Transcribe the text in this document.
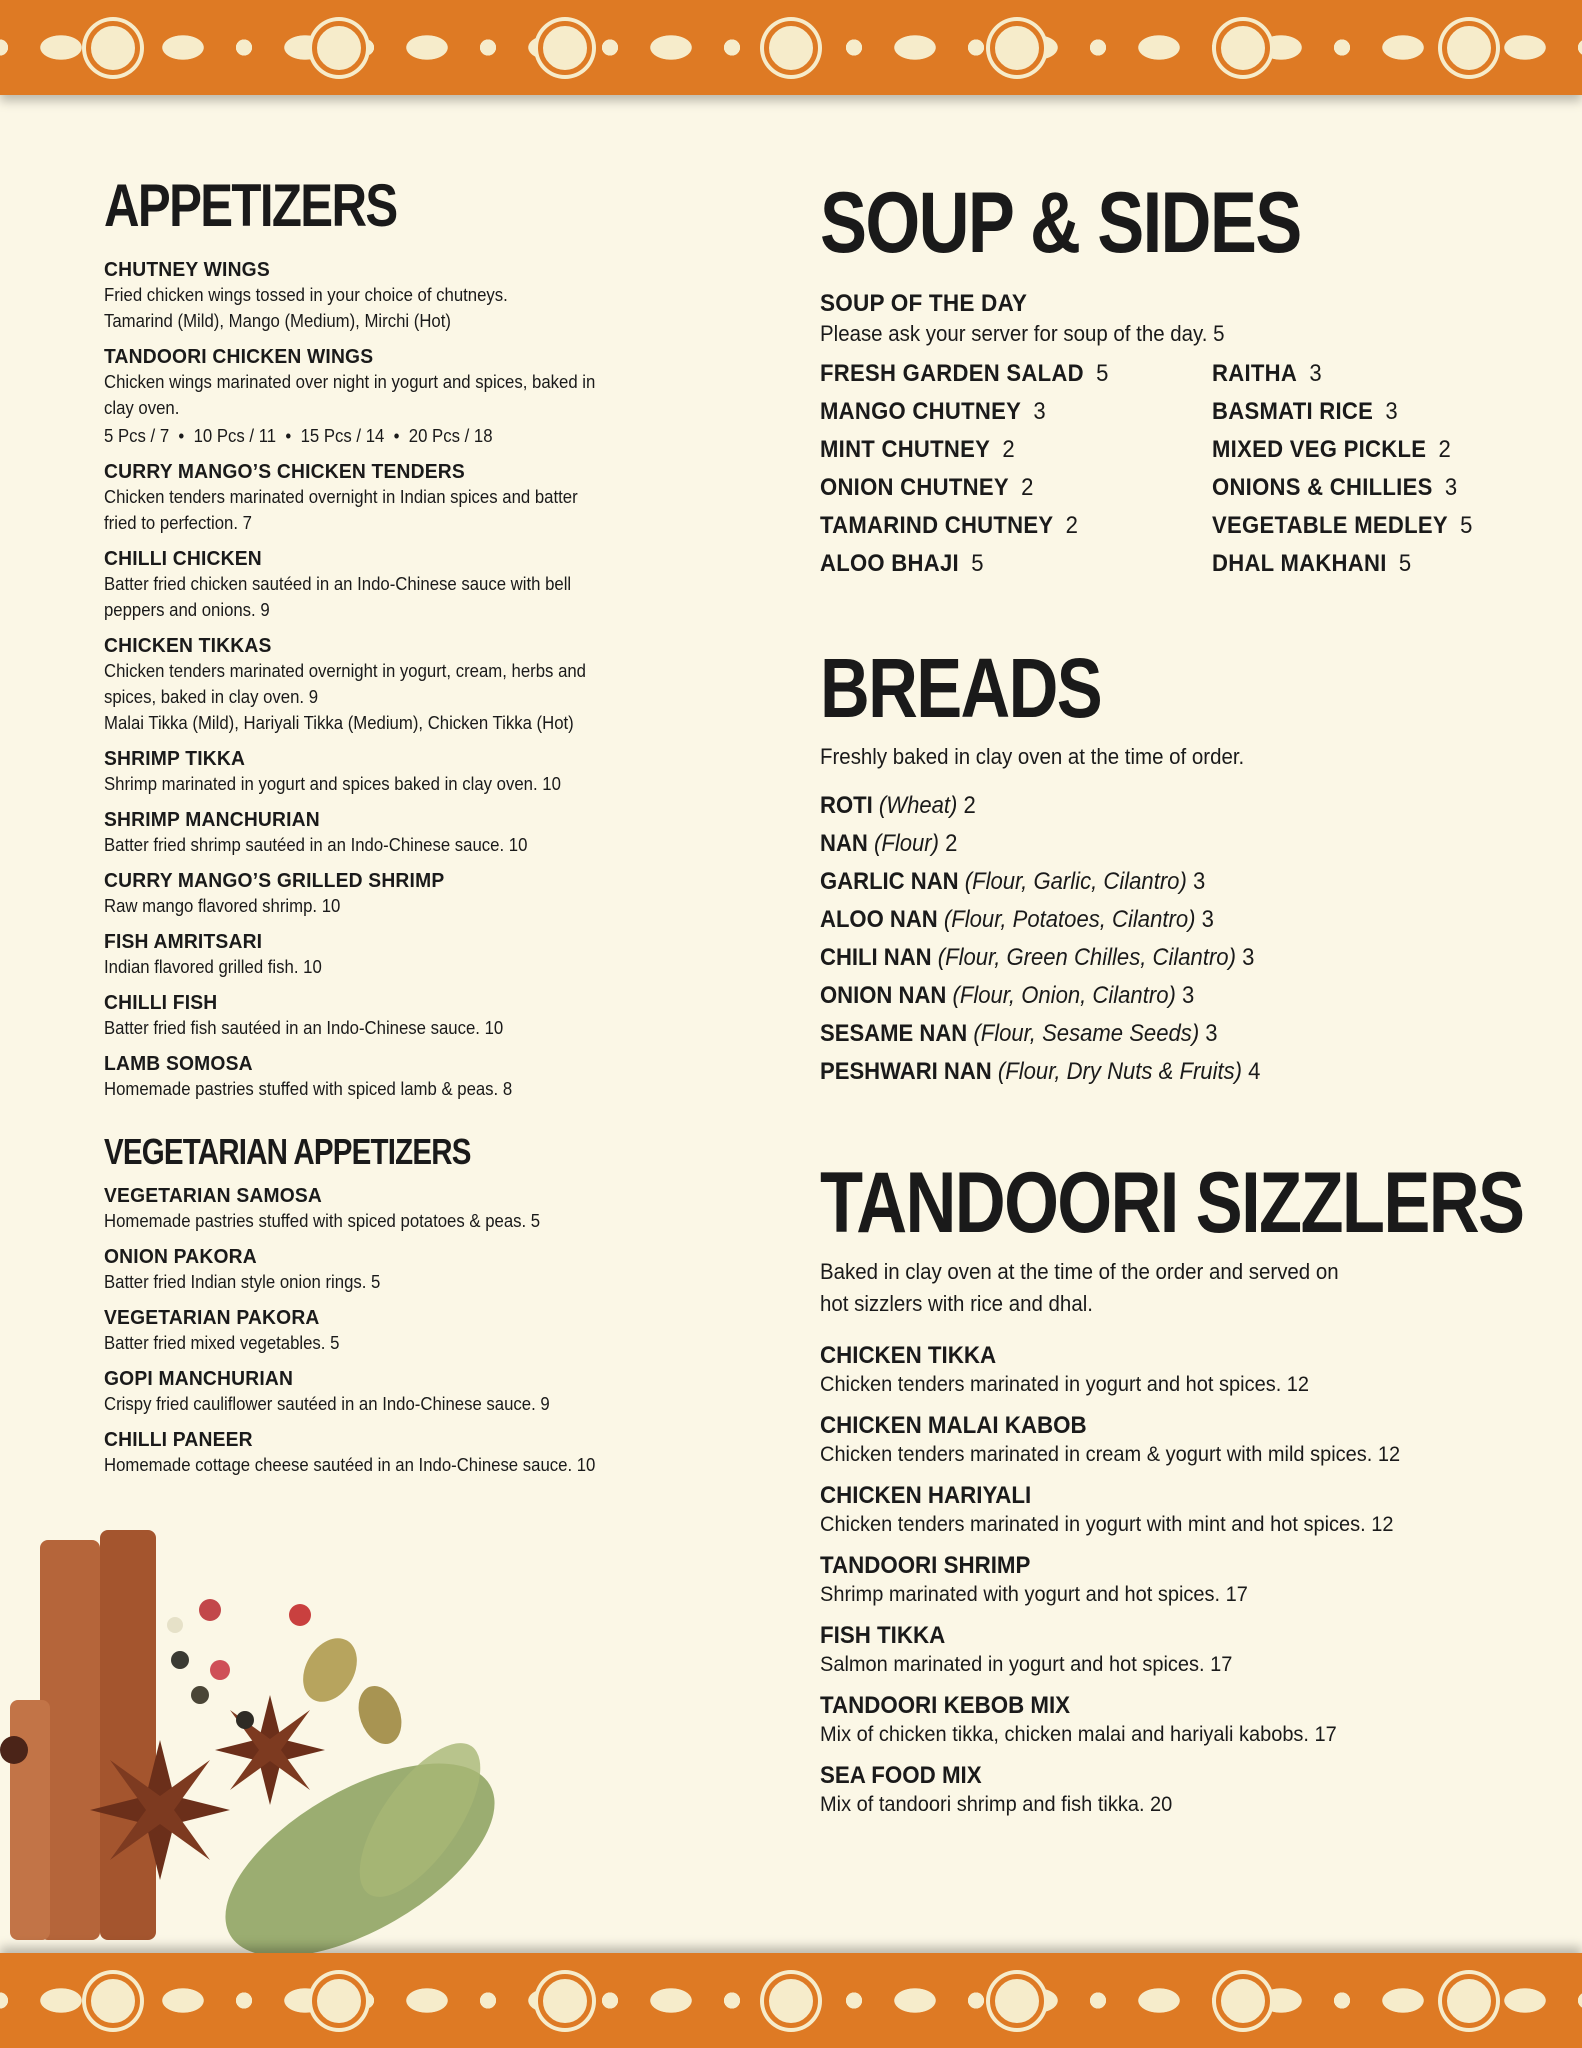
APPETIZERS
CHUTNEY WINGS
Fried chicken wings tossed in your choice of chutneys.
Tamarind (Mild), Mango (Medium), Mirchi (Hot)
TANDOORI CHICKEN WINGS
Chicken wings marinated over night in yogurt and spices, baked in
clay oven.
5 Pcs / 7  •  10 Pcs / 11  •  15 Pcs / 14  •  20 Pcs / 18
CURRY MANGO’S CHICKEN TENDERS
Chicken tenders marinated overnight in Indian spices and batter
fried to perfection. 7
CHILLI CHICKEN
Batter fried chicken sautéed in an Indo-Chinese sauce with bell
peppers and onions. 9
CHICKEN TIKKAS
Chicken tenders marinated overnight in yogurt, cream, herbs and
spices, baked in clay oven. 9
Malai Tikka (Mild), Hariyali Tikka (Medium), Chicken Tikka (Hot)
SHRIMP TIKKA
Shrimp marinated in yogurt and spices baked in clay oven. 10
SHRIMP MANCHURIAN
Batter fried shrimp sautéed in an Indo-Chinese sauce. 10
CURRY MANGO’S GRILLED SHRIMP
Raw mango flavored shrimp. 10
FISH AMRITSARI
Indian flavored grilled fish. 10
CHILLI FISH
Batter fried fish sautéed in an Indo-Chinese sauce. 10
LAMB SOMOSA
Homemade pastries stuffed with spiced lamb & peas. 8
VEGETARIAN APPETIZERS
VEGETARIAN SAMOSA
Homemade pastries stuffed with spiced potatoes & peas. 5
ONION PAKORA
Batter fried Indian style onion rings. 5
VEGETARIAN PAKORA
Batter fried mixed vegetables. 5
GOPI MANCHURIAN
Crispy fried cauliflower sautéed in an Indo-Chinese sauce. 9
CHILLI PANEER
Homemade cottage cheese sautéed in an Indo-Chinese sauce. 10
SOUP & SIDES
SOUP OF THE DAY
Please ask your server for soup of the day. 5
FRESH GARDEN SALAD 5	RAITHA 3
MANGO CHUTNEY 3	BASMATI RICE 3
MINT CHUTNEY 2	MIXED VEG PICKLE 2
ONION CHUTNEY 2	ONIONS & CHILLIES 3
TAMARIND CHUTNEY 2	VEGETABLE MEDLEY 5
ALOO BHAJI 5	DHAL MAKHANI 5
BREADS
Freshly baked in clay oven at the time of order.
ROTI (Wheat) 2
NAN (Flour) 2
GARLIC NAN (Flour, Garlic, Cilantro) 3
ALOO NAN (Flour, Potatoes, Cilantro) 3
CHILI NAN (Flour, Green Chilles, Cilantro) 3
ONION NAN (Flour, Onion, Cilantro) 3
SESAME NAN (Flour, Sesame Seeds) 3
PESHWARI NAN (Flour, Dry Nuts & Fruits) 4
TANDOORI SIZZLERS
Baked in clay oven at the time of the order and served on
hot sizzlers with rice and dhal.
CHICKEN TIKKA
Chicken tenders marinated in yogurt and hot spices. 12
CHICKEN MALAI KABOB
Chicken tenders marinated in cream & yogurt with mild spices. 12
CHICKEN HARIYALI
Chicken tenders marinated in yogurt with mint and hot spices. 12
TANDOORI SHRIMP
Shrimp marinated with yogurt and hot spices. 17
FISH TIKKA
Salmon marinated in yogurt and hot spices. 17
TANDOORI KEBOB MIX
Mix of chicken tikka, chicken malai and hariyali kabobs. 17
SEA FOOD MIX
Mix of tandoori shrimp and fish tikka. 20
